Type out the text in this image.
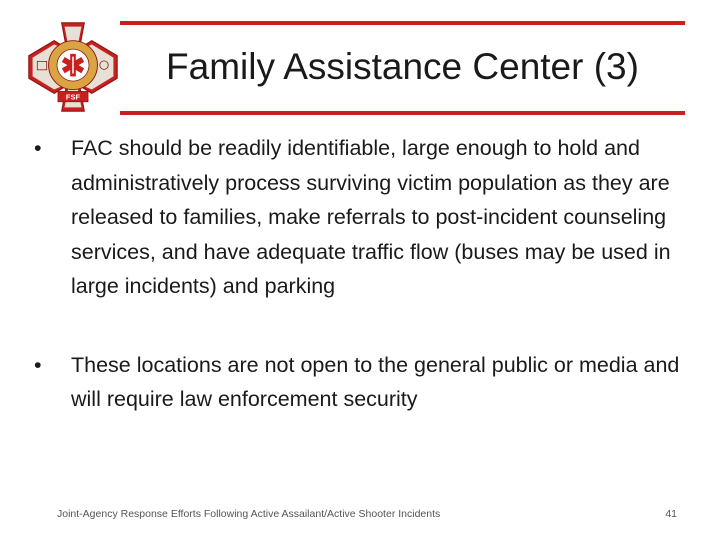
FSF
Family Assistance Center (3)
• FAC should be readily identifiable, large enough to hold and administratively process surviving victim population as they are released to families, make referrals to post-incident counseling services, and have adequate traffic flow (buses may be used in large incidents) and parking
• These locations are not open to the general public or media and will require law enforcement security
Joint-Agency Response Efforts Following Active Assailant/Active Shooter Incidents	41
